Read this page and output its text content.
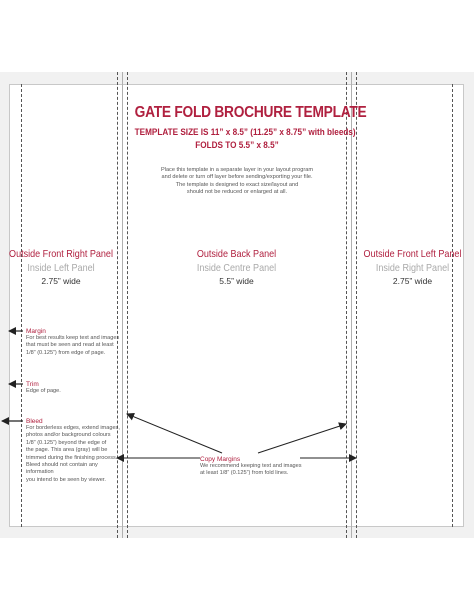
GATE FOLD BROCHURE TEMPLATE
TEMPLATE SIZE IS 11” x 8.5” (11.25” x 8.75” with bleeds)
FOLDS TO 5.5” x 8.5”
Place this template in a separate layer in your layout program
and delete or turn off layer before sending/exporting your file.
The template is designed to exact size/layout and
should not be reduced or enlarged at all.
Outside Front Right Panel
Inside Left Panel
2.75” wide
Outside Back Panel
Inside Centre Panel
5.5” wide
Outside Front Left Panel
Inside Right Panel
2.75” wide
Margin
For best results keep text and images
that must be seen and read at least
1/8” (0.125”) from edge of page.
Trim
Edge of page.
Bleed
For borderless edges, extend images,
photos and/or background colours
1/8” (0.125”) beyond the edge of
the page. This area (gray) will be
trimmed during the finishing process.
Bleed should not contain any information
you intend to be seen by viewer.
Copy Margins
We recommend keeping text and images
at least 1/8” (0.125”) from fold lines.
